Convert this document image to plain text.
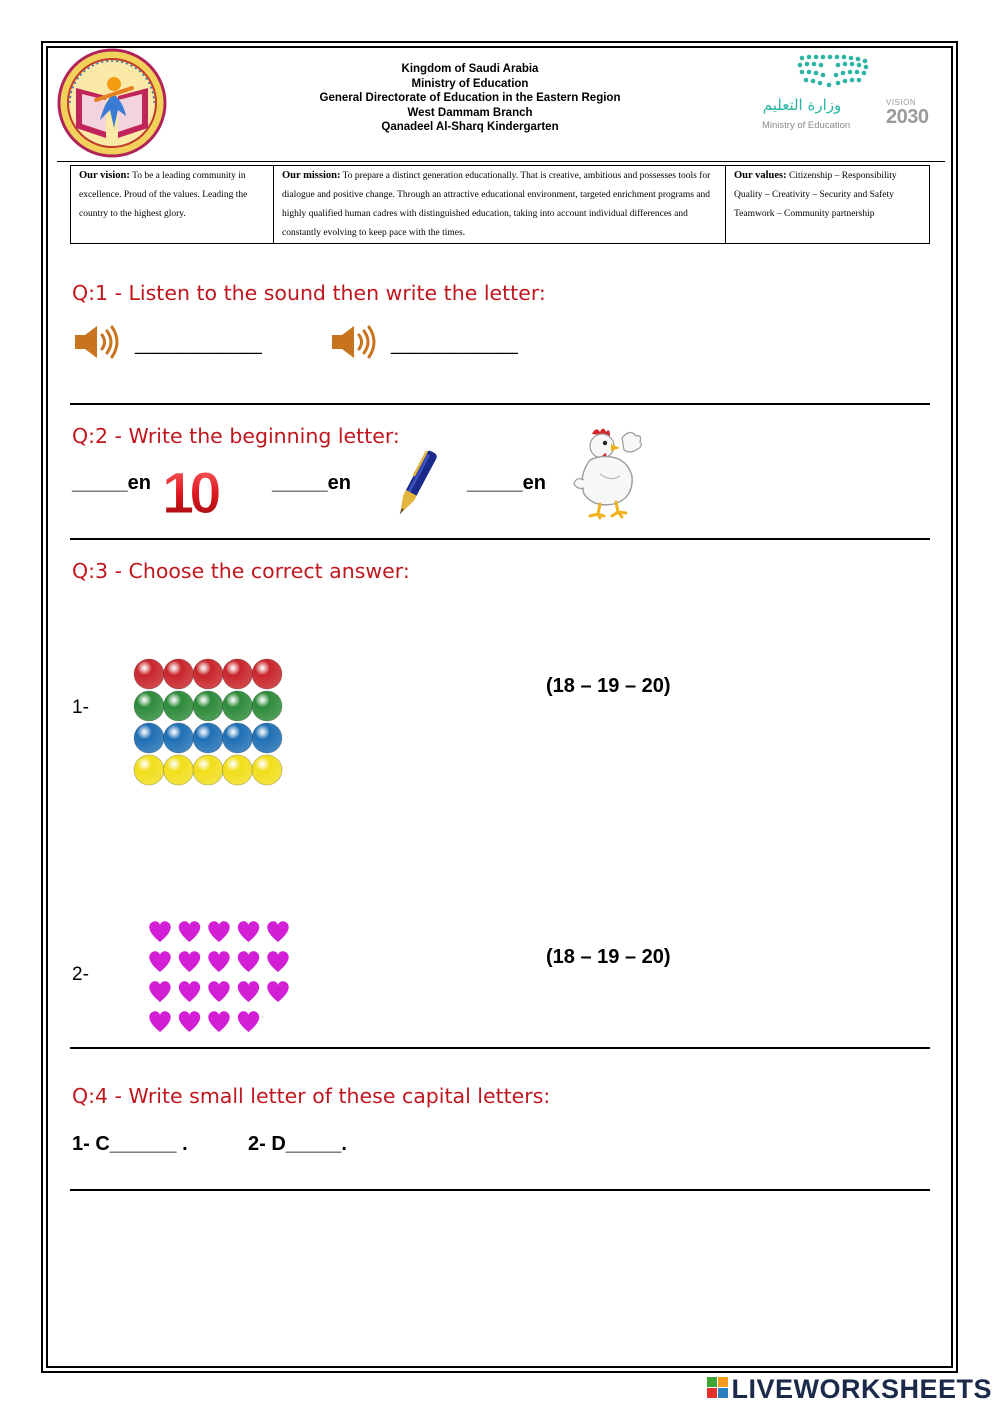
Kingdom of Saudi Arabia
Ministry of Education
General Directorate of Education in the Eastern Region
West Dammam Branch
Qanadeel Al-Sharq Kindergarten
وزارة التعليم
Ministry of Education
VISION
2030
Our vision: To be a leading community in excellence. Proud of the values. Leading the country to the highest glory.	Our mission: To prepare a distinct generation educationally. That is creative, ambitious and possesses tools for dialogue and positive change. Through an attractive educational environment, targeted enrichment programs and highly qualified human cadres with distinguished education, taking into account individual differences and constantly evolving to keep pace with the times.	Our values: Citizenship – Responsibility Quality – Creativity – Security and Safety Teamwork – Community partnership
Q:1 - Listen to the sound then write the letter:
____________	____________
Q:2 - Write the beginning letter:
_____en 10	_____en	_____en
Q:3 - Choose the correct answer:
1-
(18 – 19 – 20)
2-
(18 – 19 – 20)
Q:4 - Write small letter of these capital letters:
1- C______ .	2- D_____.
LIVEWORKSHEETS
